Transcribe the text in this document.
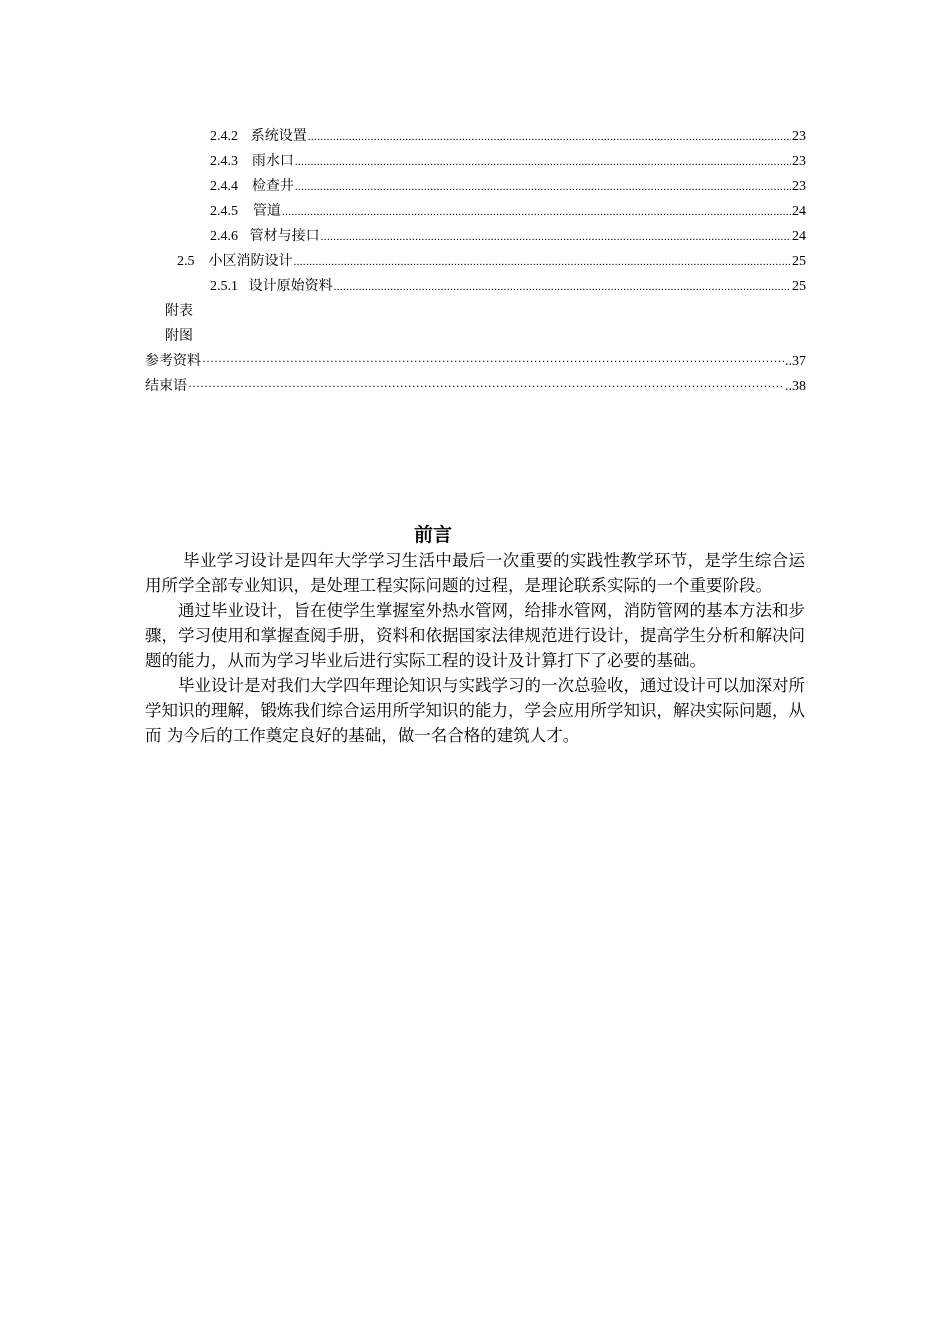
2.4.2 系统设置 .....	23
2.4.3 雨水口 .....	23
2.4.4 检查井 .....	23
2.4.5	管道 .....	24
2.4.6 管材与接口 .....	24
2.5 小区消防设计 .....	25
2.5.1 设计原始资料 .....	25
附表
附图
参考资料 ·····	..37
结束语 ·····	..38
前言

毕业学习设计是四年大学学习生活中最后一次重要的实践性教学环节，是学生综合运用所学全部专业知识，是处理工程实际问题的过程，是理论联系实际的一个重要阶段。

通过毕业设计，旨在使学生掌握室外热水管网，给排水管网，消防管网的基本方法和步骤，学习使用和掌握查阅手册，资料和依据国家法律规范进行设计，提高学生分析和解决问题的能力，从而为学习毕业后进行实际工程的设计及计算打下了必要的基础。

毕业设计是对我们大学四年理论知识与实践学习的一次总验收，通过设计可以加深对所学知识的理解，锻炼我们综合运用所学知识的能力，学会应用所学知识，解决实际问题，从而 为今后的工作奠定良好的基础，做一名合格的建筑人才。
